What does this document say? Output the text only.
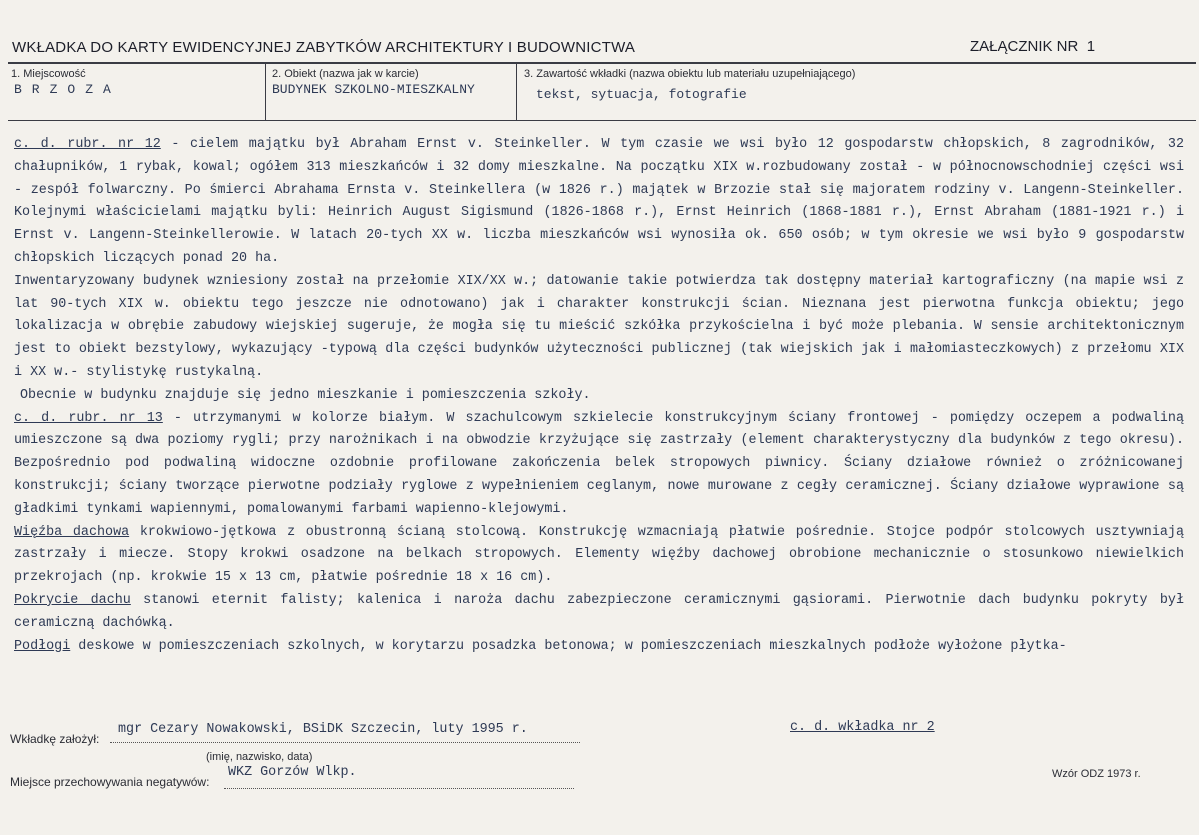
WKŁADKA DO KARTY EWIDENCYJNEJ ZABYTKÓW ARCHITEKTURY I BUDOWNICTWA	ZAŁĄCZNIK NR 1
1. Miejscowość
BRZOZA
2. Obiekt (nazwa jak w karcie)
BUDYNEK SZKOLNO-MIESZKALNY
3. Zawartość wkładki (nazwa obiektu lub materiału uzupełniającego)
tekst, sytuacja, fotografie

c. d. rubr. nr 12 - cielem majątku był Abraham Ernst v. Steinkeller. W tym czasie we wsi było 12 gospodarstw chłopskich, 8 zagrodników, 32 chałupników, 1 rybak, kowal; ogółem 313 mieszkańców i 32 domy mieszkalne. Na początku XIX w.rozbudowany został - w północnowschodniej części wsi - zespół folwarczny. Po śmierci Abrahama Ernsta v. Steinkellera (w 1826 r.) majątek w Brzozie stał się majoratem rodziny v. Langenn-Steinkeller. Kolejnymi właścicielami majątku byli: Heinrich August Sigismund (1826-1868 r.), Ernst Heinrich (1868-1881 r.), Ernst Abraham (1881-1921 r.) i Ernst v. Langenn-Steinkellerowie. W latach 20-tych XX w. liczba mieszkańców wsi wynosiła ok. 650 osób; w tym okresie we wsi było 9 gospodarstw chłopskich liczących ponad 20 ha.

Inwentaryzowany budynek wzniesiony został na przełomie XIX/XX w.; datowanie takie potwierdza tak dostępny materiał kartograficzny (na mapie wsi z lat 90-tych XIX w. obiektu tego jeszcze nie odnotowano) jak i charakter konstrukcji ścian. Nieznana jest pierwotna funkcja obiektu; jego lokalizacja w obrębie zabudowy wiejskiej sugeruje, że mogła się tu mieścić szkółka przykościelna i być może plebania. W sensie architektonicznym jest to obiekt bezstylowy, wykazujący -typową dla części budynków użyteczności publicznej (tak wiejskich jak i małomiasteczkowych) z przełomu XIX i XX w.- stylistykę rustykalną.

Obecnie w budynku znajduje się jedno mieszkanie i pomieszczenia szkoły.

c. d. rubr. nr 13 - utrzymanymi w kolorze białym. W szachulcowym szkielecie konstrukcyjnym ściany frontowej - pomiędzy oczepem a podwaliną umieszczone są dwa poziomy rygli; przy narożnikach i na obwodzie krzyżujące się zastrzały (element charakterystyczny dla budynków z tego okresu). Bezpośrednio pod podwaliną widoczne ozdobnie profilowane zakończenia belek stropowych piwnicy. Ściany działowe również o zróżnicowanej konstrukcji; ściany tworzące pierwotne podziały ryglowe z wypełnieniem ceglanym, nowe murowane z cegły ceramicznej. Ściany działowe wyprawione są gładkimi tynkami wapiennymi, pomalowanymi farbami wapienno-klejowymi.

Więźba dachowa krokwiowo-jętkowa z obustronną ścianą stolcową. Konstrukcję wzmacniają płatwie pośrednie. Stojce podpór stolcowych usztywniają zastrzały i miecze. Stopy krokwi osadzone na belkach stropowych. Elementy więźby dachowej obrobione mechanicznie o stosunkowo niewielkich przekrojach (np. krokwie 15 x 13 cm, płatwie pośrednie 18 x 16 cm).

Pokrycie dachu stanowi eternit falisty; kalenica i naroża dachu zabezpieczone ceramicznymi gąsiorami. Pierwotnie dach budynku pokryty był ceramiczną dachówką.

Podłogi deskowe w pomieszczeniach szkolnych, w korytarzu posadzka betonowa; w pomieszczeniach mieszkalnych podłoże wyłożone płytka-

Wkładkę założył:
mgr Cezary Nowakowski, BSiDK Szczecin, luty 1995 r.	c. d. wkładka nr 2
(imię, nazwisko, data)
Miejsce przechowywania negatywów:
WKZ Gorzów Wlkp.	Wzór ODZ 1973 r.
